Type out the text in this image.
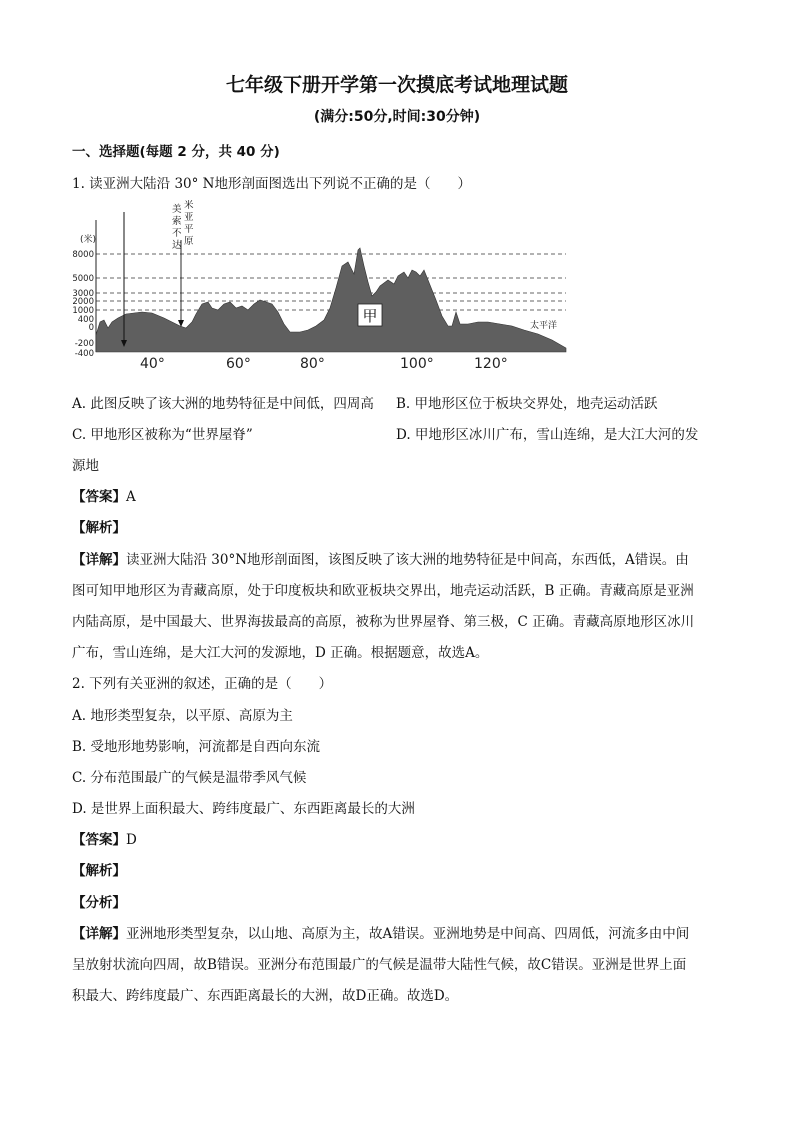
七年级下册开学第一次摸底考试地理试题
(满分:50分,时间:30分钟)
一、选择题(每题 2 分，共 40 分)
1. 读亚洲大陆沿 30° N地形剖面图选出下列说不正确的是（　　）
(米)
8000
5000
3000
2000
1000
400
0
-200
-400
甲
太平洋
美
索
不
达
米
亚
平
原
40°	60°	80°	100°	120°
A. 此图反映了该大洲的地势特征是中间低，四周高 B. 甲地形区位于板块交界处，地壳运动活跃
C. 甲地形区被称为“世界屋脊”	D. 甲地形区冰川广布，雪山连绵，是大江大河的发
源地
【答案】A
【解析】
【详解】读亚洲大陆沿 30°N地形剖面图，该图反映了该大洲的地势特征是中间高，东西低，A错误。由
图可知甲地形区为青藏高原，处于印度板块和欧亚板块交界出，地壳运动活跃，B 正确。青藏高原是亚洲
内陆高原，是中国最大、世界海拔最高的高原，被称为世界屋脊、第三极，C 正确。青藏高原地形区冰川
广布，雪山连绵，是大江大河的发源地，D 正确。根据题意，故选A。
2. 下列有关亚洲的叙述，正确的是（　　）
A. 地形类型复杂，以平原、高原为主
B. 受地形地势影响，河流都是自西向东流
C. 分布范围最广的气候是温带季风气候
D. 是世界上面积最大、跨纬度最广、东西距离最长的大洲
【答案】D
【解析】
【分析】
【详解】亚洲地形类型复杂，以山地、高原为主，故A错误。亚洲地势是中间高、四周低，河流多由中间
呈放射状流向四周，故B错误。亚洲分布范围最广的气候是温带大陆性气候，故C错误。亚洲是世界上面
积最大、跨纬度最广、东西距离最长的大洲，故D正确。故选D。
